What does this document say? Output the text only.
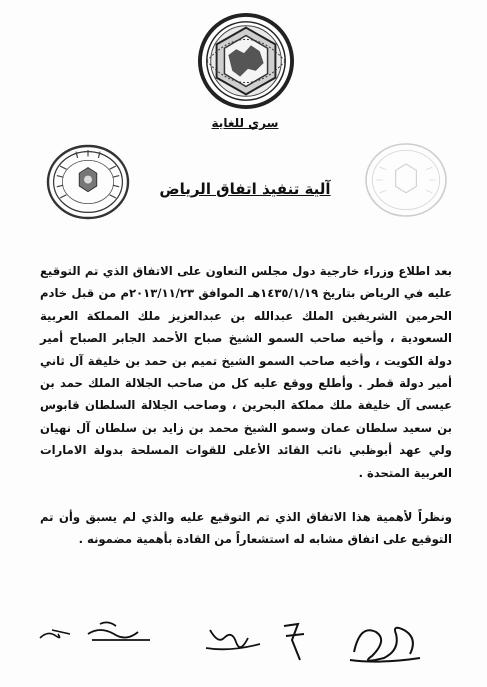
سري للغاية
آلية تنفيذ اتفاق الرياض

بعد اطلاع وزراء خارجية دول مجلس التعاون على الاتفاق الذي تم التوقيع عليه في الرياض بتاريخ ١٤٣٥/١/١٩هـ الموافق ٢٠١٣/١١/٢٣م من قبل خادم الحرمين الشريفين الملك عبدالله بن عبدالعزيز ملك المملكة العربية السعودية ، وأخيه صاحب السمو الشيخ صباح الأحمد الجابر الصباح أمير دولة الكويت ، وأخيه صاحب السمو الشيخ تميم بن حمد بن خليفة آل ثاني أمير دولة قطر . وأطلع ووقع عليه كل من صاحب الجلالة الملك حمد بن عيسى آل خليفة ملك مملكة البحرين ، وصاحب الجلالة السلطان قابوس بن سعيد سلطان عمان وسمو الشيخ محمد بن زايد بن سلطان آل نهيان ولي عهد أبوظبي نائب القائد الأعلى للقوات المسلحة بدولة الامارات العربية المتحدة .

ونظراً لأهمية هذا الاتفاق الذي تم التوقيع عليه والذي لم يسبق وأن تم التوقيع على اتفاق مشابه له استشعاراً من القادة بأهمية مضمونه .
